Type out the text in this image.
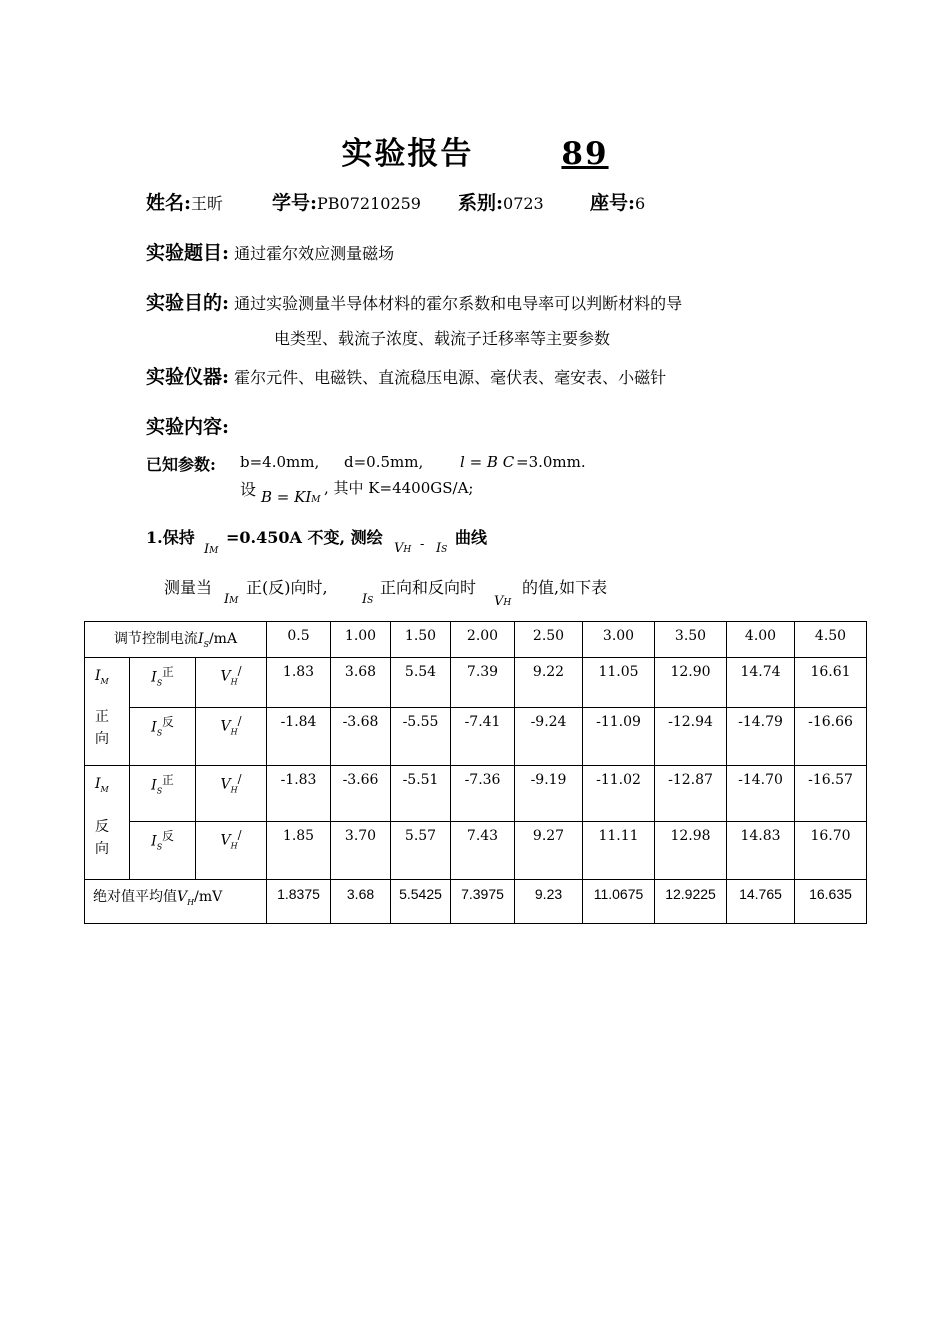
实验报告	89
姓名:王昕	学号:PB07210259 系别:0723 座号:6
实验题目: 通过霍尔效应测量磁场
实验目的: 通过实验测量半导体材料的霍尔系数和电导率可以判断材料的导
电类型、载流子浓度、载流子迁移率等主要参数
实验仪器: 霍尔元件、电磁铁、直流稳压电源、毫伏表、毫安表、小磁针
实验内容:
已知参数: b=4.0mm, d=0.5mm, l = B C =3.0mm.
设 B = KIM
, 其中 K=4400GS/A;
1.保持
IM
=0.450A 不变, 测绘
VH - IS
曲线
测量当
IM
正(反)向时,
IS
正向和反向时
VH
的值,如下表
调节控制电流$I_S/mA$			0.5	1.00	1.50	2.00	2.50	3.00	3.50	4.00	4.50
$I_M$
正向	$I_S^正$	$V_H^/$	1.83	3.68	5.54	7.39	9.22	11.05	12.90	14.74	16.61
	$I_S^反$	$V_H^/$	-1.84	-3.68	-5.55	-7.41	-9.24	-11.09	-12.94	-14.79	-16.66
$I_M$
反向	$I_S^正$	$V_H^/$	-1.83	-3.66	-5.51	-7.36	-9.19	-11.02	-12.87	-14.70	-16.57
	$I_S^反$	$V_H^/$	1.85	3.70	5.57	7.43	9.27	11.11	12.98	14.83	16.70
绝对值平均值$V_H/mV$			1.8375	3.68	5.5425	7.3975	9.23	11.0675	12.9225	14.765	16.635
